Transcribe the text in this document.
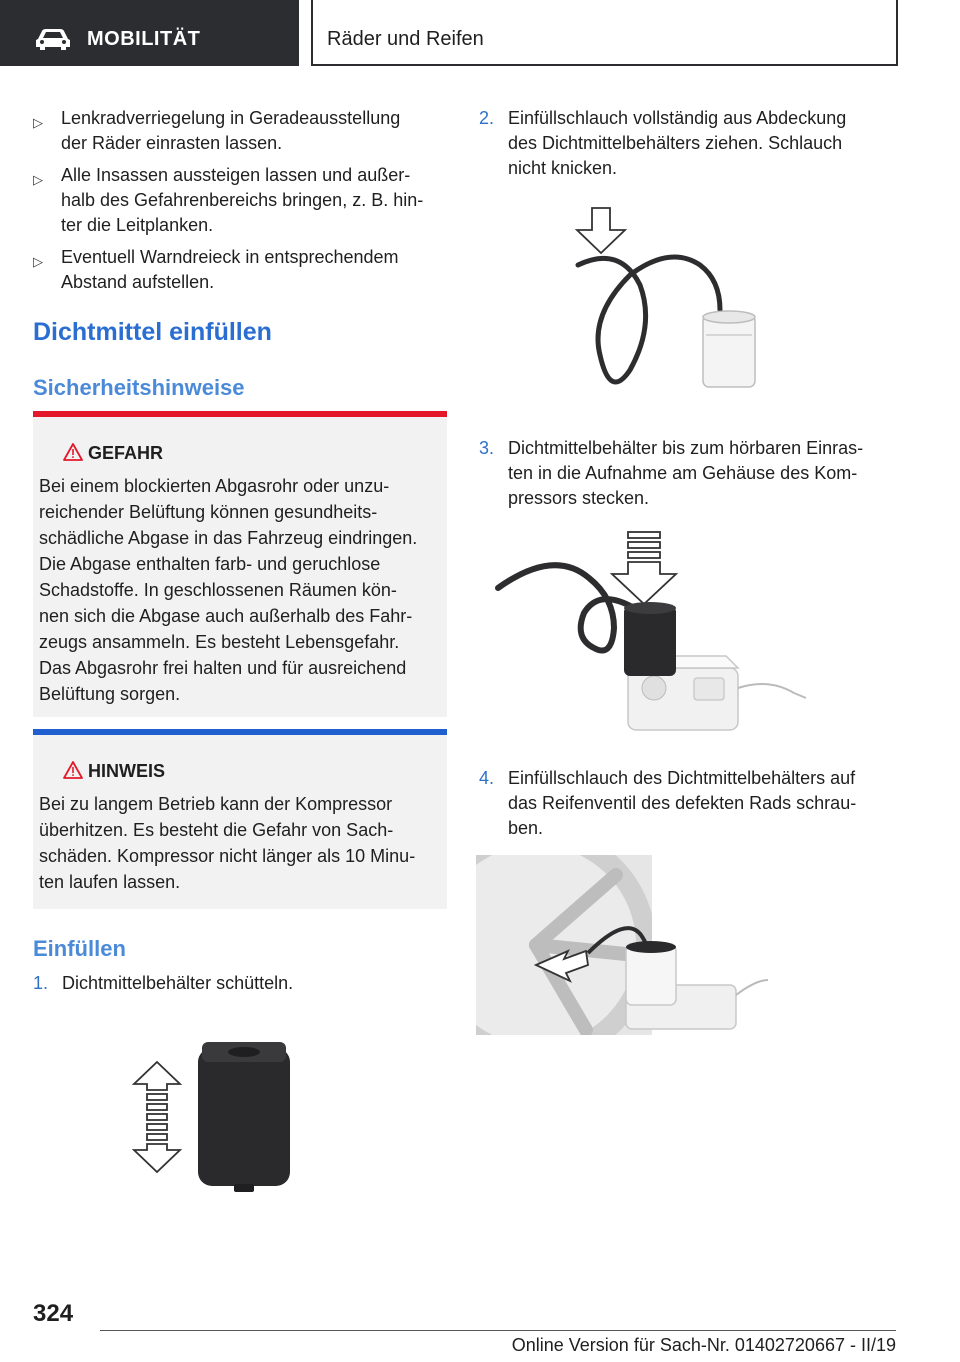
MOBILITÄT	Räder und Reifen
▷ Lenkradverriegelung in Geradeausstellung
der Räder einrasten lassen.
▷ Alle Insassen aussteigen lassen und außer-
halb des Gefahrenbereichs bringen, z. B. hin-
ter die Leitplanken.
▷ Eventuell Warndreieck in entsprechendem
Abstand aufstellen.
Dichtmittel einfüllen
Sicherheitshinweise
GEFAHR
Bei einem blockierten Abgasrohr oder unzu-
reichender Belüftung können gesundheits-
schädliche Abgase in das Fahrzeug eindringen.
Die Abgase enthalten farb- und geruchlose
Schadstoffe. In geschlossenen Räumen kön-
nen sich die Abgase auch außerhalb des Fahr-
zeugs ansammeln. Es besteht Lebensgefahr.
Das Abgasrohr frei halten und für ausreichend
Belüftung sorgen.
HINWEIS
Bei zu langem Betrieb kann der Kompressor
überhitzen. Es besteht die Gefahr von Sach-
schäden. Kompressor nicht länger als 10 Minu-
ten laufen lassen.
Einfüllen
1. Dichtmittelbehälter schütteln.
2. Einfüllschlauch vollständig aus Abdeckung
des Dichtmittelbehälters ziehen. Schlauch
nicht knicken.
3. Dichtmittelbehälter bis zum hörbaren Einras-
ten in die Aufnahme am Gehäuse des Kom-
pressors stecken.
4. Einfüllschlauch des Dichtmittelbehälters auf
das Reifenventil des defekten Rads schrau-
ben.
324
Online Version für Sach-Nr. 01402720667 - II/19
